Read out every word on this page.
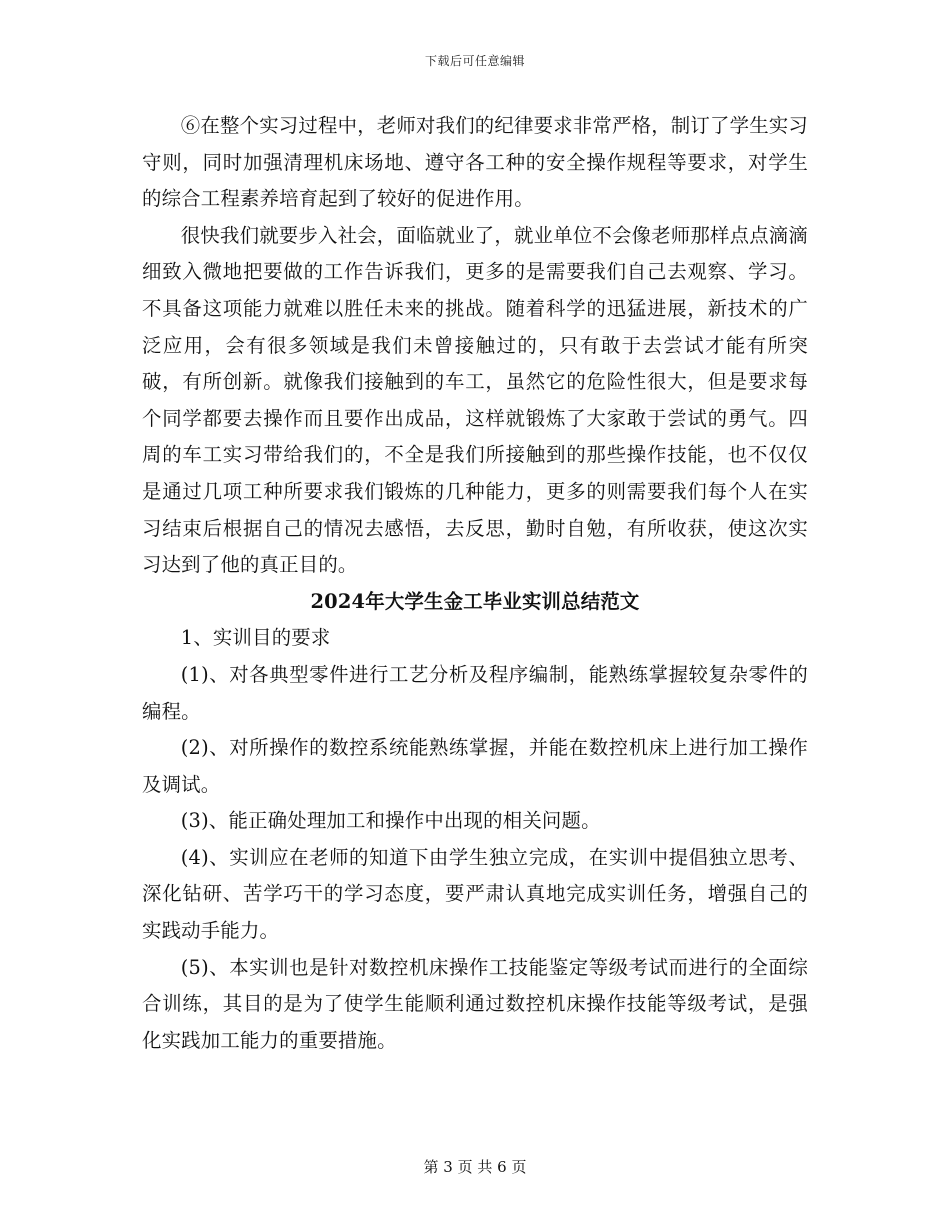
下载后可任意编辑

⑥在整个实习过程中，老师对我们的纪律要求非常严格，制订了学生实习守则，同时加强清理机床场地、遵守各工种的安全操作规程等要求，对学生的综合工程素养培育起到了较好的促进作用。

很快我们就要步入社会，面临就业了，就业单位不会像老师那样点点滴滴细致入微地把要做的工作告诉我们，更多的是需要我们自己去观察、学习。不具备这项能力就难以胜任未来的挑战。随着科学的迅猛进展，新技术的广泛应用，会有很多领域是我们未曾接触过的，只有敢于去尝试才能有所突破，有所创新。就像我们接触到的车工，虽然它的危险性很大，但是要求每个同学都要去操作而且要作出成品，这样就锻炼了大家敢于尝试的勇气。四周的车工实习带给我们的，不全是我们所接触到的那些操作技能，也不仅仅是通过几项工种所要求我们锻炼的几种能力，更多的则需要我们每个人在实习结束后根据自己的情况去感悟，去反思，勤时自勉，有所收获，使这次实习达到了他的真正目的。

2024年大学生金工毕业实训总结范文

1、实训目的要求

(1)、对各典型零件进行工艺分析及程序编制，能熟练掌握较复杂零件的编程。

(2)、对所操作的数控系统能熟练掌握，并能在数控机床上进行加工操作及调试。

(3)、能正确处理加工和操作中出现的相关问题。

(4)、实训应在老师的知道下由学生独立完成，在实训中提倡独立思考、深化钻研、苦学巧干的学习态度，要严肃认真地完成实训任务，增强自己的实践动手能力。

(5)、本实训也是针对数控机床操作工技能鉴定等级考试而进行的全面综合训练，其目的是为了使学生能顺利通过数控机床操作技能等级考试，是强化实践加工能力的重要措施。

第 3 页 共 6 页
